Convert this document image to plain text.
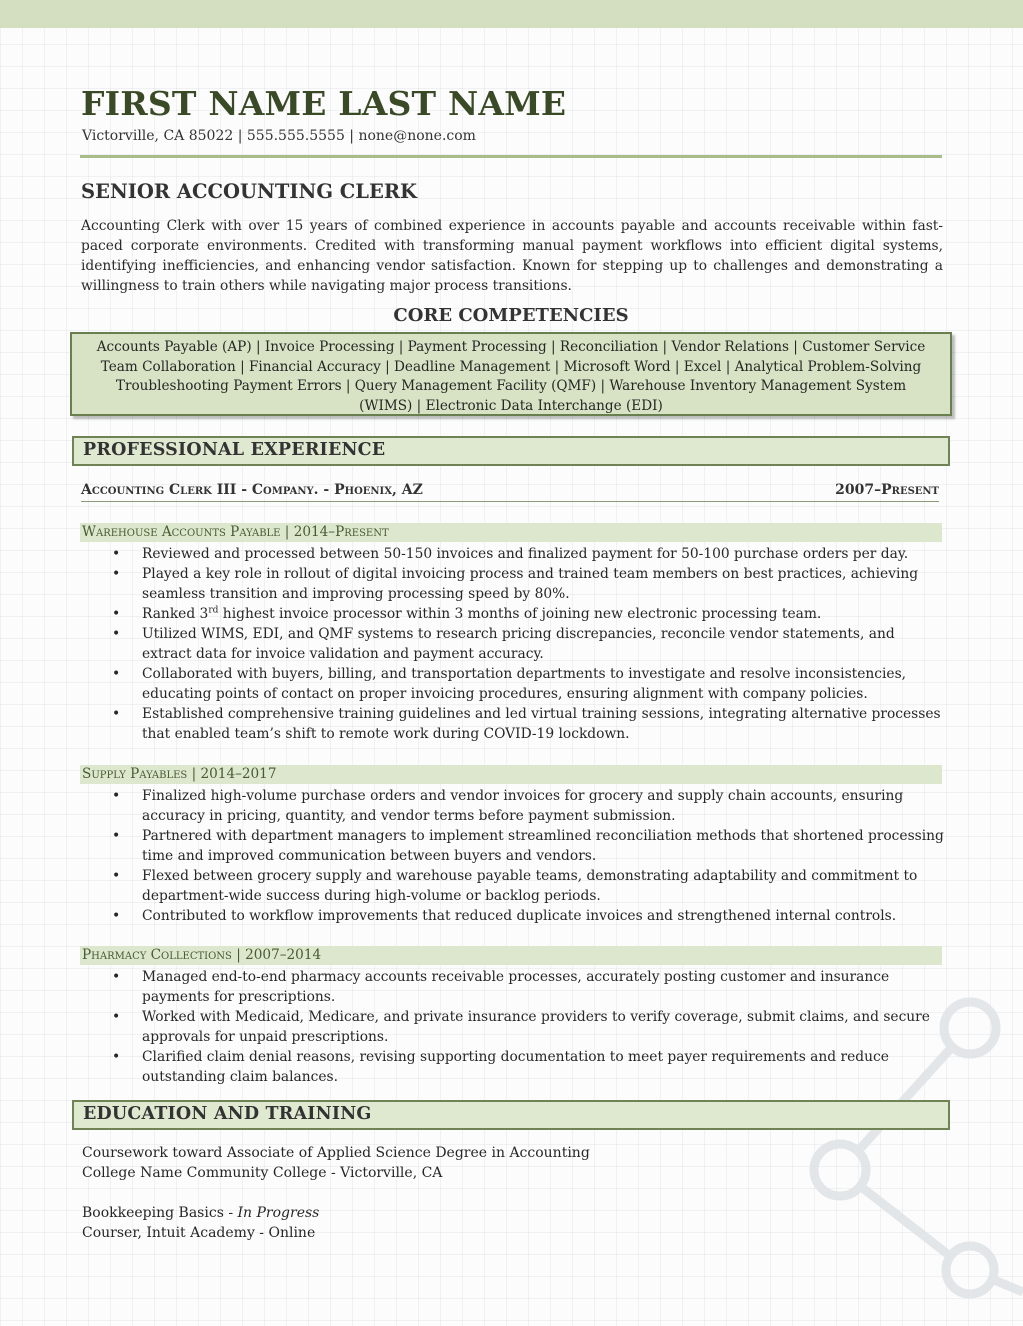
FIRST NAME LAST NAME
Victorville, CA 85022 | 555.555.5555 | none@none.com
SENIOR ACCOUNTING CLERK

Accounting Clerk with over 15 years of combined experience in accounts payable and accounts receivable within fast-paced corporate environments. Credited with transforming manual payment workflows into efficient digital systems, identifying inefficiencies, and enhancing vendor satisfaction. Known for stepping up to challenges and demonstrating a willingness to train others while navigating major process transitions.

CORE COMPETENCIES
Accounts Payable (AP) | Invoice Processing | Payment Processing | Reconciliation | Vendor Relations | Customer Service
Team Collaboration | Financial Accuracy | Deadline Management | Microsoft Word | Excel | Analytical Problem-Solving
Troubleshooting Payment Errors | Query Management Facility (QMF) | Warehouse Inventory Management System
(WIMS) | Electronic Data Interchange (EDI)
PROFESSIONAL EXPERIENCE
Accounting Clerk III - Company. - Phoenix, AZ	2007–Present
Warehouse Accounts Payable | 2014–Present
• Reviewed and processed between 50-150 invoices and finalized payment for 50-100 purchase orders per day.
• Played a key role in rollout of digital invoicing process and trained team members on best practices, achieving seamless transition and improving processing speed by 80%.
• Ranked 3rd highest invoice processor within 3 months of joining new electronic processing team.
• Utilized WIMS, EDI, and QMF systems to research pricing discrepancies, reconcile vendor statements, and extract data for invoice validation and payment accuracy.
• Collaborated with buyers, billing, and transportation departments to investigate and resolve inconsistencies, educating points of contact on proper invoicing procedures, ensuring alignment with company policies.
• Established comprehensive training guidelines and led virtual training sessions, integrating alternative processes that enabled team’s shift to remote work during COVID-19 lockdown.
Supply Payables | 2014–2017
• Finalized high-volume purchase orders and vendor invoices for grocery and supply chain accounts, ensuring accuracy in pricing, quantity, and vendor terms before payment submission.
• Partnered with department managers to implement streamlined reconciliation methods that shortened processing time and improved communication between buyers and vendors.
• Flexed between grocery supply and warehouse payable teams, demonstrating adaptability and commitment to department-wide success during high-volume or backlog periods.
• Contributed to workflow improvements that reduced duplicate invoices and strengthened internal controls.
Pharmacy Collections | 2007–2014
• Managed end-to-end pharmacy accounts receivable processes, accurately posting customer and insurance payments for prescriptions.
• Worked with Medicaid, Medicare, and private insurance providers to verify coverage, submit claims, and secure approvals for unpaid prescriptions.
• Clarified claim denial reasons, revising supporting documentation to meet payer requirements and reduce outstanding claim balances.
EDUCATION AND TRAINING
Coursework toward Associate of Applied Science Degree in Accounting
College Name Community College - Victorville, CA
Bookkeeping Basics - In Progress
Courser, Intuit Academy - Online
